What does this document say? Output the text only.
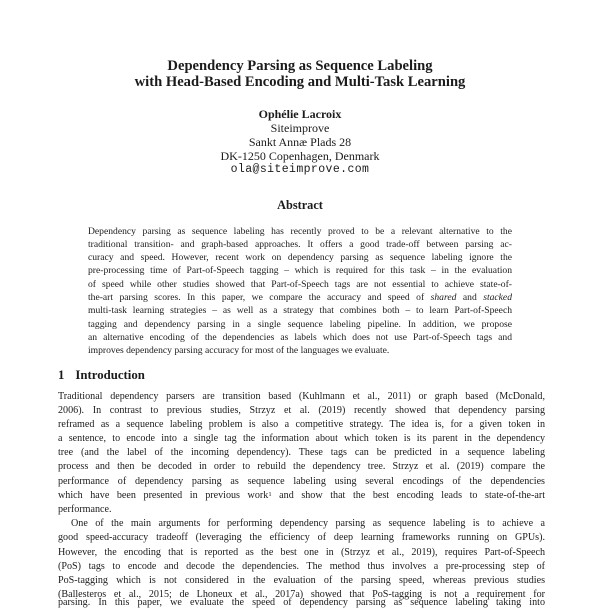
Dependency Parsing as Sequence Labeling
with Head-Based Encoding and Multi-Task Learning
Ophélie Lacroix
Siteimprove
Sankt Annæ Plads 28
DK-1250 Copenhagen, Denmark
ola@siteimprove.com
Abstract
Dependency parsing as sequence labeling has recently proved to be a relevant alternative to the
traditional transition- and graph-based approaches. It offers a good trade-off between parsing ac-
curacy and speed. However, recent work on dependency parsing as sequence labeling ignore the
pre-processing time of Part-of-Speech tagging – which is required for this task – in the evaluation
of speed while other studies showed that Part-of-Speech tags are not essential to achieve state-of-
the-art parsing scores. In this paper, we compare the accuracy and speed of shared and stacked
multi-task learning strategies – as well as a strategy that combines both – to learn Part-of-Speech
tagging and dependency parsing in a single sequence labeling pipeline. In addition, we propose
an alternative encoding of the dependencies as labels which does not use Part-of-Speech tags and
improves dependency parsing accuracy for most of the languages we evaluate.
1 Introduction
Traditional dependency parsers are transition based (Kuhlmann et al., 2011) or graph based (McDonald,
2006). In contrast to previous studies, Strzyz et al. (2019) recently showed that dependency parsing
reframed as a sequence labeling problem is also a competitive strategy. The idea is, for a given token in
a sentence, to encode into a single tag the information about which token is its parent in the dependency
tree (and the label of the incoming dependency). These tags can be predicted in a sequence labeling
process and then be decoded in order to rebuild the dependency tree. Strzyz et al. (2019) compare the
performance of dependency parsing as sequence labeling using several encodings of the dependencies
which have been presented in previous work$^1$ and show that the best encoding leads to state-of-the-art
performance.
One of the main arguments for performing dependency parsing as sequence labeling is to achieve a
good speed-accuracy tradeoff (leveraging the efficiency of deep learning frameworks running on GPUs).
However, the encoding that is reported as the best one in (Strzyz et al., 2019), requires Part-of-Speech
(PoS) tags to encode and decode the dependencies. The method thus involves a pre-processing step of
PoS-tagging which is not considered in the evaluation of the parsing speed, whereas previous studies
(Ballesteros et al., 2015; de Lhoneux et al., 2017a) showed that PoS-tagging is not a requirement for
parsing. In this paper, we evaluate the speed of dependency parsing as sequence labeling taking into
